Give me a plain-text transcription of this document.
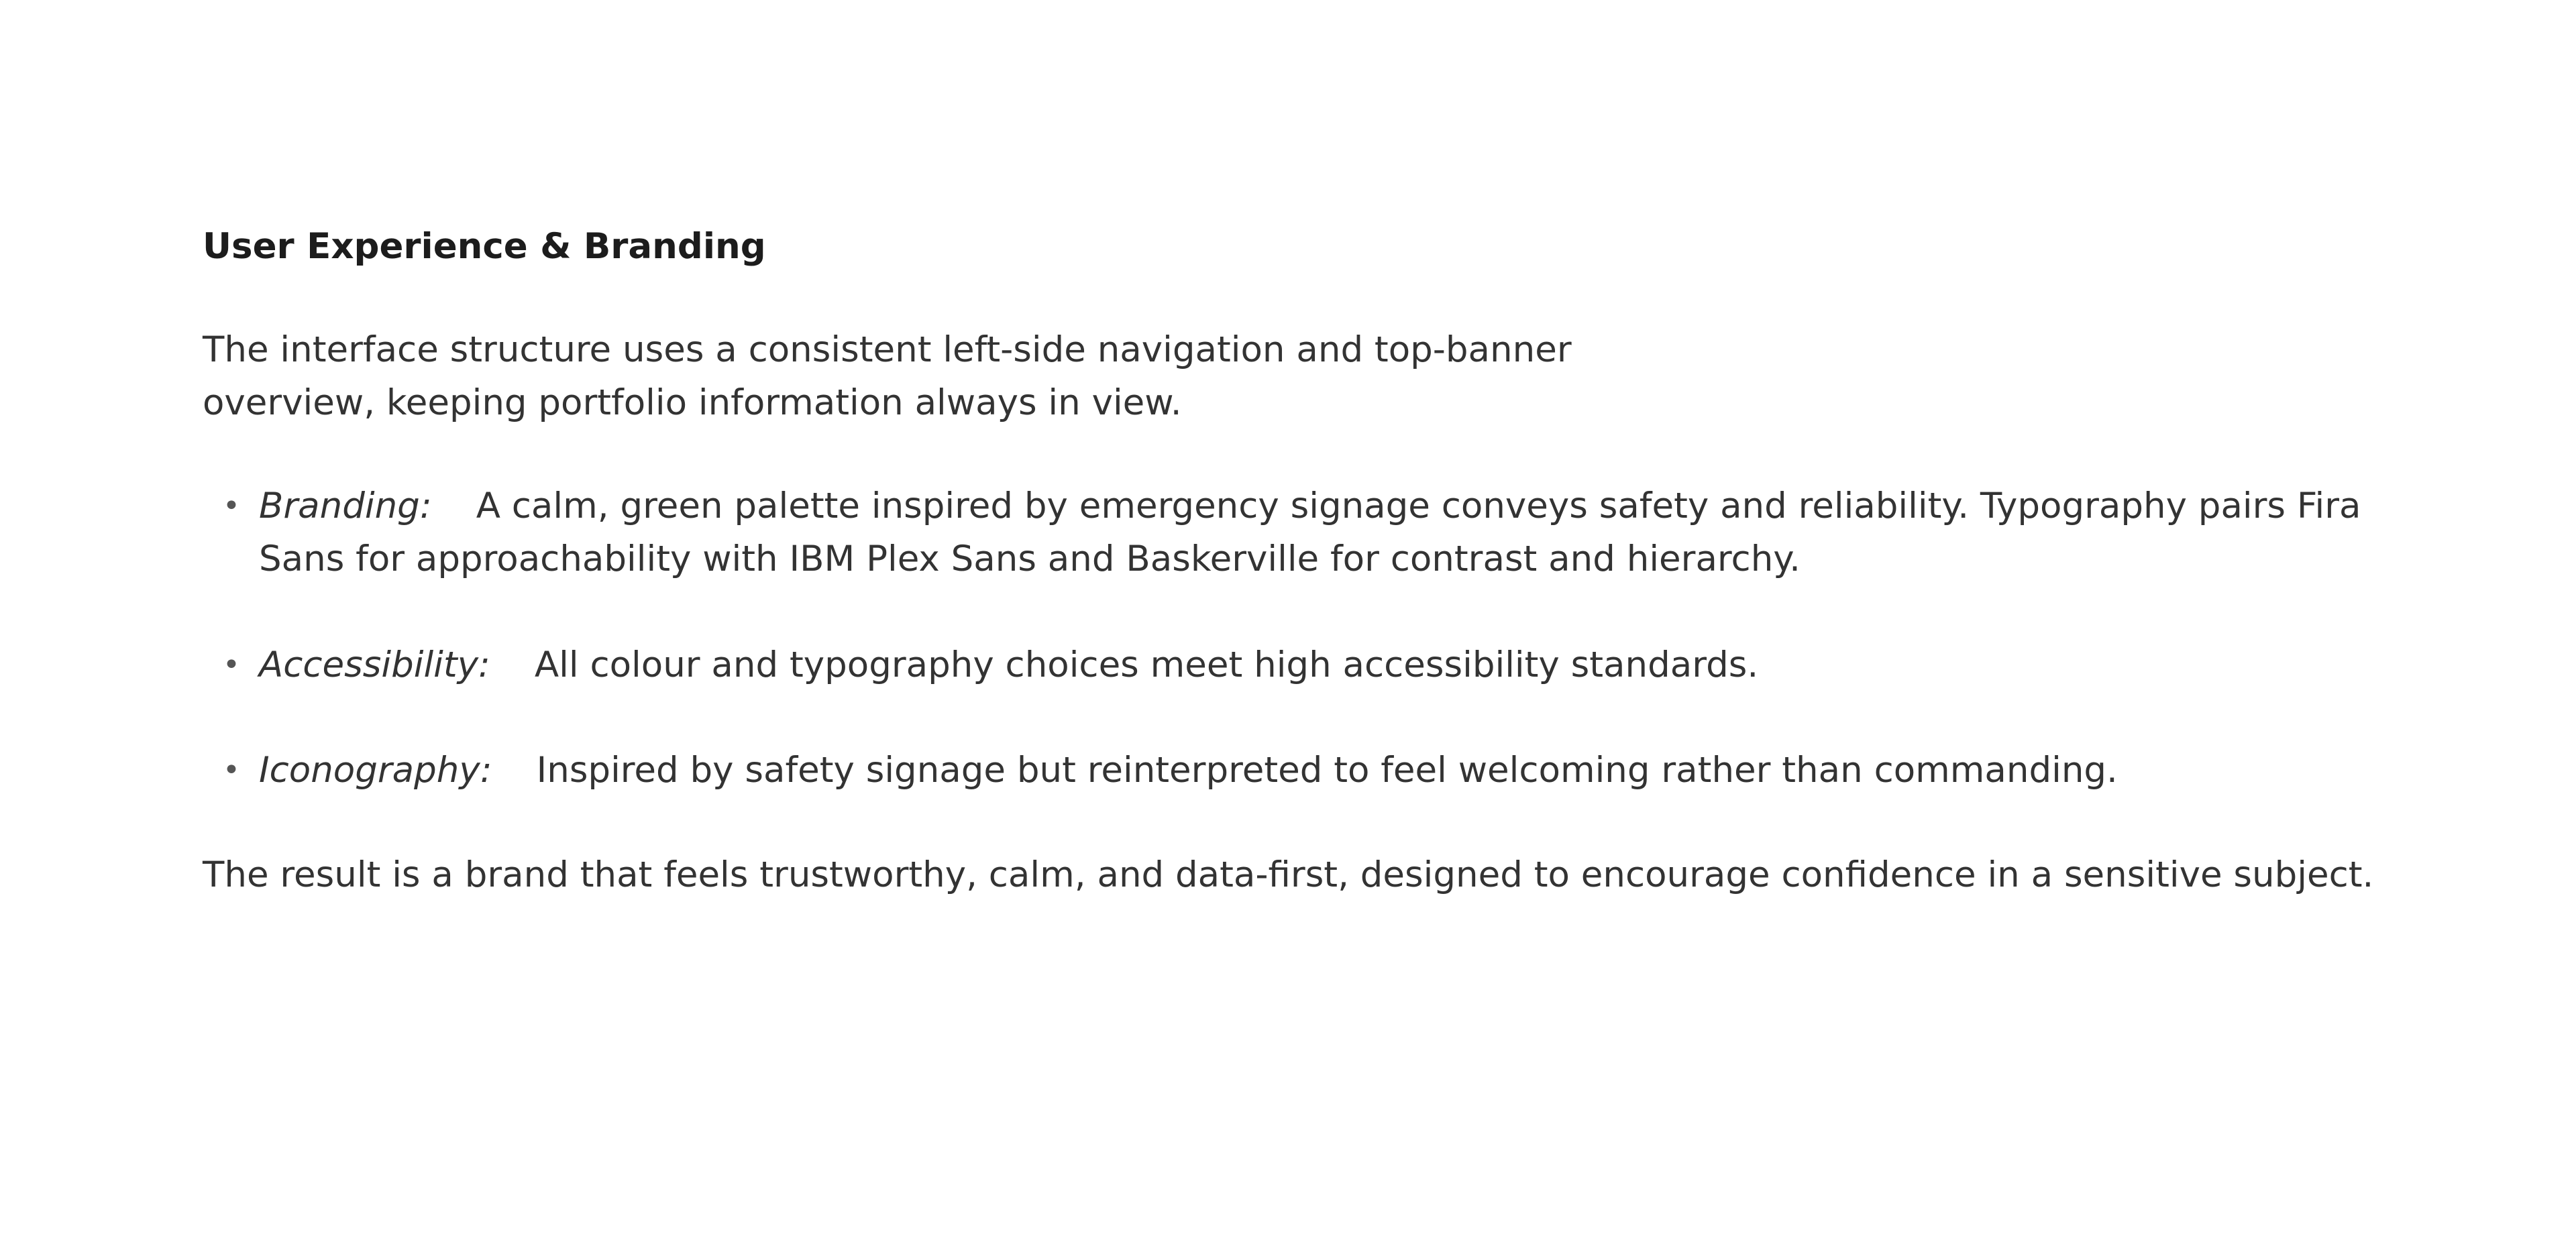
User Experience & Branding

The interface structure uses a consistent left-side navigation and top-banner
overview, keeping portfolio information always in view.

• Branding: A calm, green palette inspired by emergency signage conveys safety and reliability. Typography pairs Fira Sans for approachability with IBM Plex Sans and Baskerville for contrast and hierarchy.
• Accessibility: All colour and typography choices meet high accessibility standards.
• Iconography: Inspired by safety signage but reinterpreted to feel welcoming rather than commanding.

The result is a brand that feels trustworthy, calm, and data-first, designed to encourage confidence in a sensitive subject.
